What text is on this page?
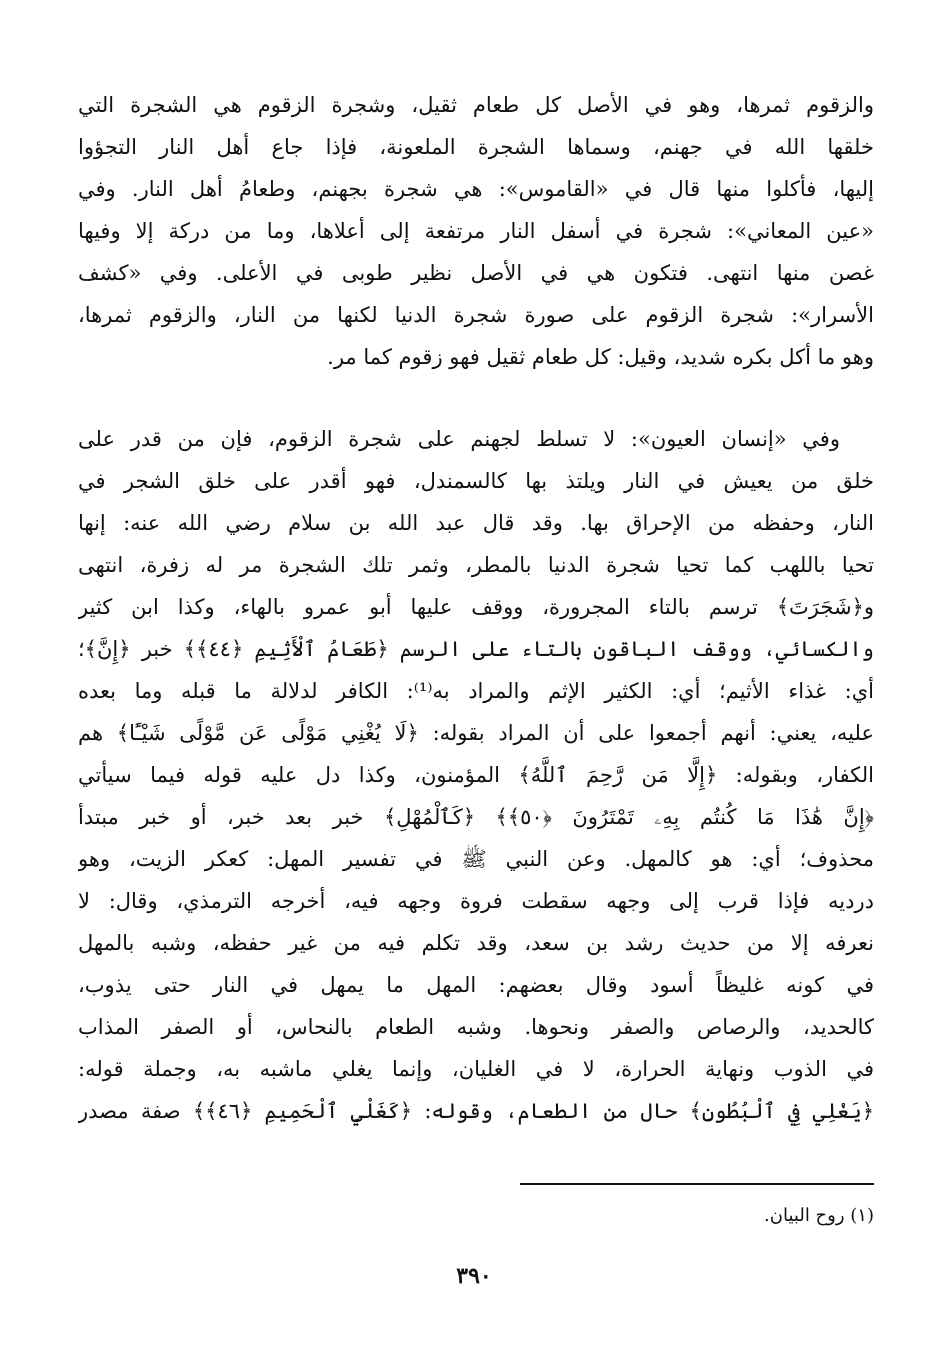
والزقوم ثمرها، وهو في الأصل كل طعام ثقيل، وشجرة الزقوم هي الشجرة التي
خلقها الله في جهنم، وسماها الشجرة الملعونة، فإذا جاع أهل النار التجؤوا
إليها، فأكلوا منها قال في «القاموس»: هي شجرة بجهنم، وطعامُ أهل النار. وفي
«عين المعاني»: شجرة في أسفل النار مرتفعة إلى أعلاها، وما من دركة إلا وفيها
غصن منها انتهى. فتكون هي في الأصل نظير طوبى في الأعلى. وفي «كشف
الأسرار»: شجرة الزقوم على صورة شجرة الدنيا لكنها من النار، والزقوم ثمرها،
وهو ما أكل بكره شديد، وقيل: كل طعام ثقيل فهو زقوم كما مر.
وفي «إنسان العيون»: لا تسلط لجهنم على شجرة الزقوم، فإن من قدر على
خلق من يعيش في النار ويلتذ بها كالسمندل، فهو أقدر على خلق الشجر في
النار، وحفظه من الإحراق بها. وقد قال عبد الله بن سلام رضي الله عنه: إنها
تحيا باللهب كما تحيا شجرة الدنيا بالمطر، وثمر تلك الشجرة مر له زفرة، انتهى
و﴿شَجَرَتَ﴾ ترسم بالتاء المجرورة، ووقف عليها أبو عمرو بالهاء، وكذا ابن كثير
والكسائي، ووقف الباقون بالتاء على الرسم ﴿طَعَامُ ٱلْأَثِيمِ ﴿٤٤﴾﴾ خبر ﴿إِنَّ﴾؛
أي: غذاء الأثيم؛ أي: الكثير الإثم والمراد به⁽¹⁾: الكافر لدلالة ما قبله وما بعده
عليه، يعني: أنهم أجمعوا على أن المراد بقوله: ﴿لَا يُغْنِي مَوْلًى عَن مَّوْلًى شَيْـًٔا﴾ هم
الكفار، وبقوله: ﴿إِلَّا مَن رَّحِمَ ٱللَّهُ﴾ المؤمنون، وكذا دل عليه قوله فيما سيأتي
﴿إِنَّ هَٰذَا مَا كُنتُم بِهِۦ تَمْتَرُونَ ﴿٥٠﴾﴾ ﴿كَٱلْمُهْلِ﴾ خبر بعد خبر، أو خبر مبتدأ
محذوف؛ أي: هو كالمهل. وعن النبي ﷺ في تفسير المهل: كعكر الزيت، وهو
درديه فإذا قرب إلى وجهه سقطت فروة وجهه فيه، أخرجه الترمذي، وقال: لا
نعرفه إلا من حديث رشد بن سعد، وقد تكلم فيه من غير حفظه، وشبه بالمهل
في كونه غليظاً أسود وقال بعضهم: المهل ما يمهل في النار حتى يذوب،
كالحديد، والرصاص والصفر ونحوها. وشبه الطعام بالنحاس، أو الصفر المذاب
في الذوب ونهاية الحرارة، لا في الغليان، وإنما يغلي ماشبه به، وجملة قوله:
﴿يَغْلِي فِي ٱلْبُطُونِ﴾ حال من الطعام، وقوله: ﴿كَغَلْيِ ٱلْحَمِيمِ ﴿٤٦﴾﴾ صفة مصدر
(١) روح البيان.
٣٩٠
